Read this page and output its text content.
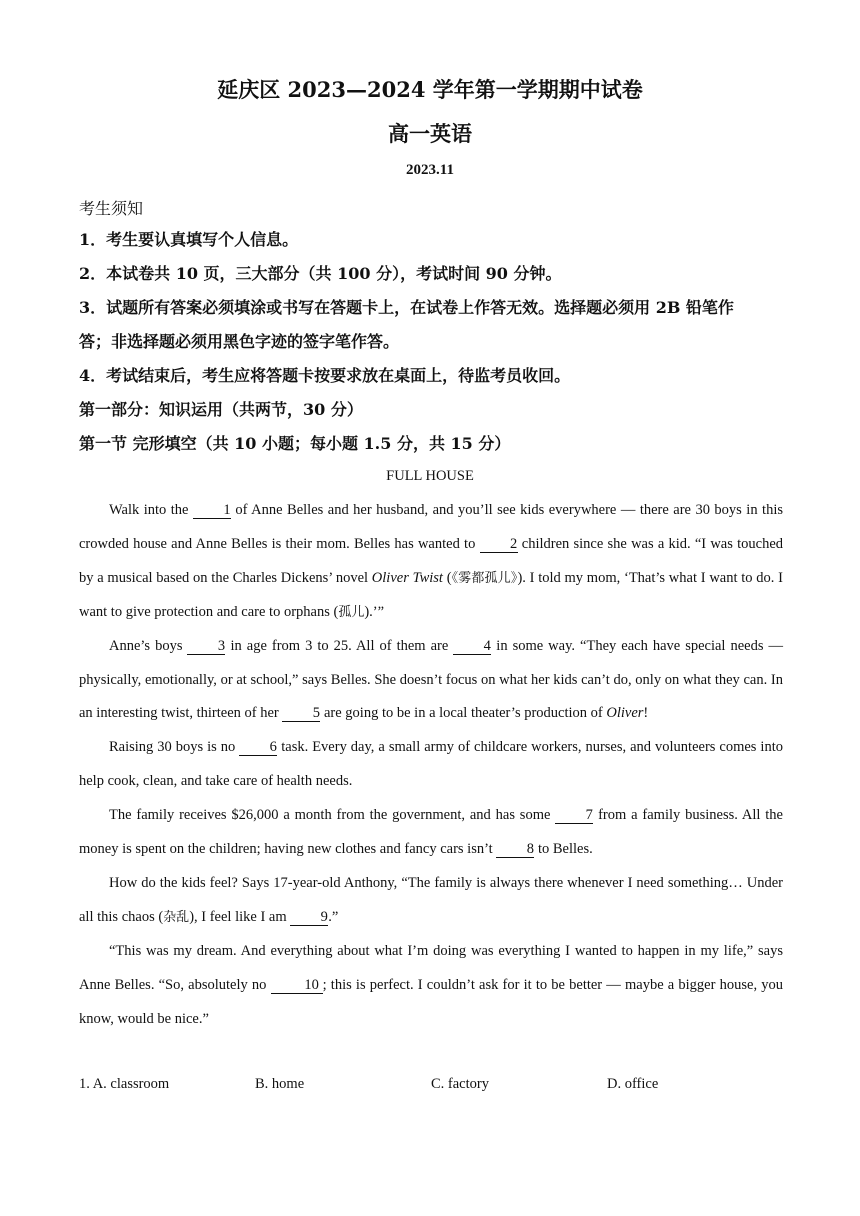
延庆区 2023—2024 学年第一学期期中试卷
高一英语
2023.11
考生须知
1．考生要认真填写个人信息。
2．本试卷共 10 页，三大部分（共 100 分），考试时间 90 分钟。
3．试题所有答案必须填涂或书写在答题卡上，在试卷上作答无效。选择题必须用 2B 铅笔作
答；非选择题必须用黑色字迹的签字笔作答。
4．考试结束后，考生应将答题卡按要求放在桌面上，待监考员收回。
第一部分：知识运用（共两节，30 分）
第一节 完形填空（共 10 小题；每小题 1.5 分，共 15 分）
FULL HOUSE

Walk into the 1 of Anne Belles and her husband, and you’ll see kids everywhere — there are 30 boys in this crowded house and Anne Belles is their mom. Belles has wanted to 2 children since she was a kid. “I was touched by a musical based on the Charles Dickens’ novel Oliver Twist (《雾都孤儿》). I told my mom, ‘That’s what I want to do. I want to give protection and care to orphans (孤儿).’”

Anne’s boys 3 in age from 3 to 25. All of them are 4 in some way. “They each have special needs — physically, emotionally, or at school,” says Belles. She doesn’t focus on what her kids can’t do, only on what they can. In an interesting twist, thirteen of her 5 are going to be in a local theater’s production of Oliver!

Raising 30 boys is no 6 task. Every day, a small army of childcare workers, nurses, and volunteers comes into help cook, clean, and take care of health needs.

The family receives $26,000 a month from the government, and has some 7 from a family business. All the money is spent on the children; having new clothes and fancy cars isn’t 8 to Belles.

How do the kids feel? Says 17-year-old Anthony, “The family is always there whenever I need something… Under all this chaos (杂乱), I feel like I am 9.”

“This was my dream. And everything about what I’m doing was everything I wanted to happen in my life,” says Anne Belles. “So, absolutely no 10 ; this is perfect. I couldn’t ask for it to be better — maybe a bigger house, you know, would be nice.”

1. A. classroom	B. home	C. factory	D. office
